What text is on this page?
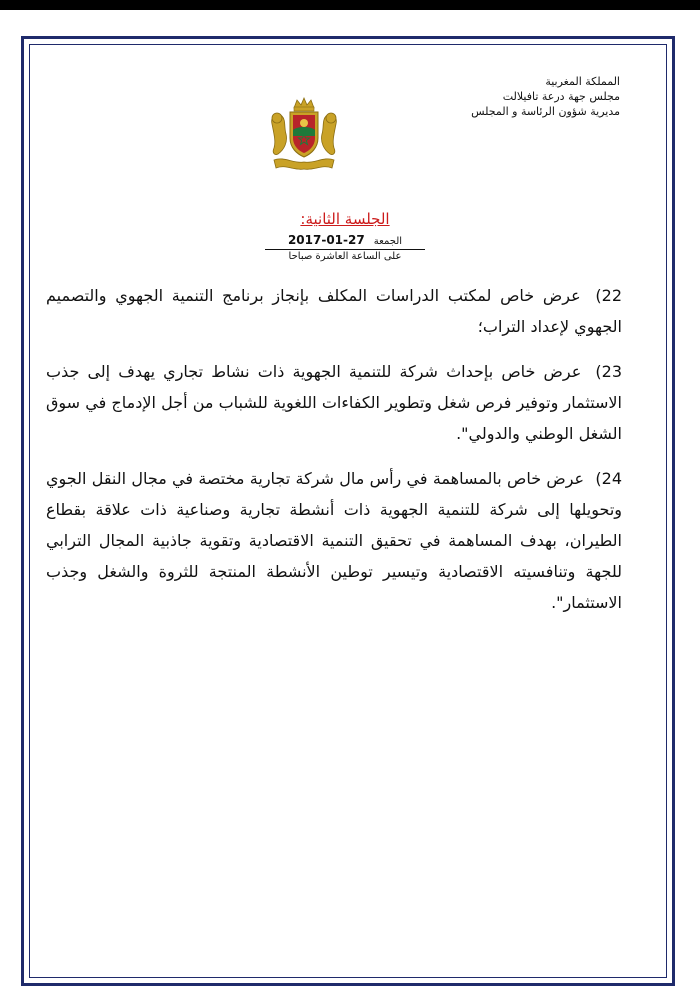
المملكة المغربية
مجلس جهة درعة تافيلالت
مديرية شؤون الرئاسة و المجلس
الجلسة الثانية:
الجمعة 2017-01-27
على الساعة العاشرة صباحا
22) عرض خاص لمكتب الدراسات المكلف بإنجاز برنامج التنمية الجهوي والتصميم الجهوي لإعداد التراب؛
23) عرض خاص بإحداث شركة للتنمية الجهوية ذات نشاط تجاري يهدف إلى جذب الاستثمار وتوفير فرص شغل وتطوير الكفاءات اللغوية للشباب من أجل الإدماج في سوق الشغل الوطني والدولي".
24) عرض خاص بالمساهمة في رأس مال شركة تجارية مختصة في مجال النقل الجوي وتحويلها إلى شركة للتنمية الجهوية ذات أنشطة تجارية وصناعية ذات علاقة بقطاع الطيران، بهدف المساهمة في تحقيق التنمية الاقتصادية وتقوية جاذبية المجال الترابي للجهة وتنافسيته الاقتصادية وتيسير توطين الأنشطة المنتجة للثروة والشغل وجذب الاستثمار".
